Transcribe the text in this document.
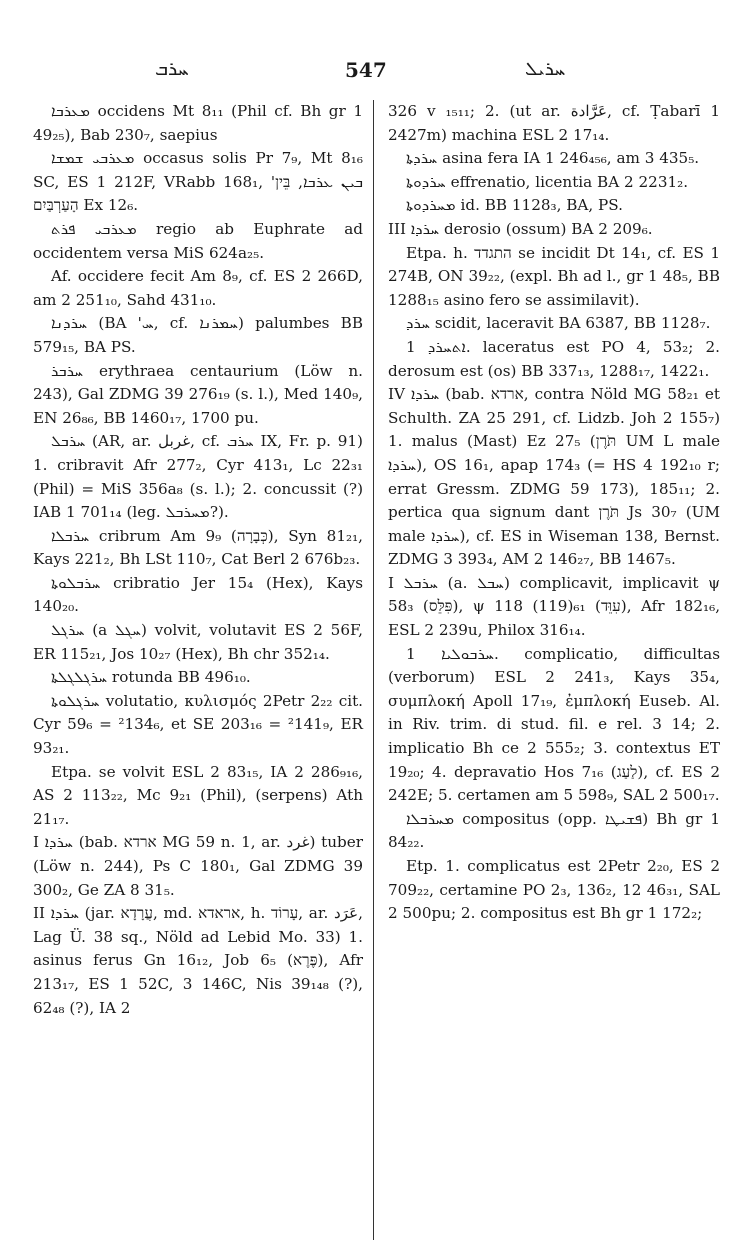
ܚܪܒ	547	ܚܪܝܠ

ܡܥܪܒܐ occidens Mt 8₁₁ (Phil cf. Bh gr 1 49₂₅), Bab 230₇, saepius

ܡܥܪܒܝ ܫܡܫܐ occasus solis Pr 7₉, Mt 8₁₆ SC, ES 1 212F, VRabb 168₁, 'ܒܝܢ ܥܪܒܐ, בֵּין הָעַרְבַּיִם Ex 12₆.

ܡܥܪܒܝ ܦܪܬ regio ab Euphrate ad occidentem versa MiS 624a₂₅.

Af. occidere fecit Am 8₉, cf. ES 2 266D, am 2 251₁₀, Sahd 431₁₀.

ܚܪܕܢܐ (BA 'ܚ, cf. ܚܡܪܢܐ) palumbes BB 579₁₅, BA PS.

ܚܪܒܪ erythraea centaurium (Löw n. 243), Gal ZDMG 39 276₁₉ (s. l.), Med 140₉, EN 26₈₆, BB 1460₁₇, 1700 pu.

ܚܪܒܠ (AR, ar. غربل, cf. ܚܪܒ IX, Fr. p. 91) 1. cribravit Afr 277₂, Cyr 413₁, Lc 22₃₁ (Phil) = MiS 356a₈ (s. l.); 2. concussit (?) IAB 1 701₁₄ (leg. ܡܚܪܒܠ?).

ܚܪܒܠܐ cribrum Am 9₉ (כְּבָרָה), Syn 81₂₁, Kays 221₂, Bh LSt 110₇, Cat Berl 2 676b₂₃.

ܚܪܒܠܘܬܐ cribratio Jer 15₄ (Hex), Kays 140₂₀.

ܚܪܓܠ (a ܚܓܠ) volvit, volutavit ES 2 56F, ER 115₂₁, Jos 10₂₇ (Hex), Bh chr 352₁₄.

ܚܪܓܠܓܠܬܐ rotunda BB 496₁₀.

ܚܪܓܠܘܬܐ volutatio, κυλισμός 2Petr 2₂₂ cit. Cyr 59₆ = ²134₆, et SE 203₁₆ = ²141₉, ER 93₂₁.

Etpa. se volvit ESL 2 83₁₅, IA 2 286₉₁₆, AS 2 113₂₂, Mc 9₂₁ (Phil), (serpens) Ath 21₁₇.

I ܚܪܕܐ (bab. ארדא MG 59 n. 1, ar. غرد) tuber (Löw n. 244), Ps C 180₁, Gal ZDMG 39 300₂, Ge ZA 8 31₅.

II ܚܪܕܐ (jar. עֲרָדָא, md. אראדא, h. עָרוֹד, ar. عَرَد, Lag Ü. 38 sq., Nöld ad Lebid Mo. 33) 1. asinus ferus Gn 16₁₂, Job 6₅ (פֶּרֶא), Afr 213₁₇, ES 1 52C, 3 146C, Nis 39₁₄₈ (?), 62₄₈ (?), IA 2

326 v ₁₅₁₁; 2. (ut ar. عَرَّادة, cf. Ṭabarī 1 2427m) machina ESL 2 17₁₄.

ܚܪܕܬܐ asina fera IA 1 246₄₅₆, am 3 435₅.

ܚܪܕܘܬܐ effrenatio, licentia BA 2 2231₂.

ܡܚܪܕܘܬܐ id. BB 1128₃, BA, PS.

III ܚܪܕܐ derosio (ossum) BA 2 209₆.

Etpa. h. התגדד se incidit Dt 14₁, cf. ES 1 274B, ON 39₂₂, (expl. Bh ad l., gr 1 48₅, BB 1288₁₅ asino fero se assimilavit).

ܚܪܕ scidit, laceravit BA 6387, BB 1128₇.

ܐܬܚܪܕ 1. laceratus est PO 4, 53₂; 2. derosum est (os) BB 337₁₃, 1288₁₇, 1422₁.

IV ܚܪܕܐ (bab. ארדא, contra Nöld MG 58₂₁ et Schulth. ZA 25 291, cf. Lidzb. Joh 2 155₇) 1. malus (Mast) Ez 27₅ (תֹּרֶן UM L male ܚܪܕܐ), OS 16₁, apap 174₃ (= HS 4 192₁₀ r; errat Gressm. ZDMG 59 173), 185₁₁; 2. pertica qua signum dant תֹּרֶן Js 30₇ (UM male ܚܪܕܐ), cf. ES in Wiseman 138, Bernst. ZDMG 3 393₄, AM 2 146₂₇, BB 1467₅.

I ܚܪܒܠ (a. ܚܒܠ) complicavit, implicavit ψ 58₃ (פִּלֵּס), ψ 118 (119)₆₁ (עִוֵּד), Afr 182₁₆, ESL 2 239u, Philox 316₁₄.

ܚܪܒܘܠܝܐ 1. complicatio, difficultas (verborum) ESL 2 241₃, Kays 35₄, συμπλοκή Apoll 17₁₉, ἐμπλοκή Euseb. Al. in Riv. trim. di stud. fil. e rel. 3 14; 2. implicatio Bh ce 2 555₂; 3. contextus ET 19₂₀; 4. depravatio Hos 7₁₆ (לַעַג), cf. ES 2 242E; 5. certamen am 5 598₉, SAL 2 500₁₇.

ܡܚܪܒܠܐ compositus (opp. ܦܫܝܛܐ) Bh gr 1 84₂₂.

Etp. 1. complicatus est 2Petr 2₂₀, ES 2 709₂₂, certamine PO 2₃, 136₂, 12 46₃₁, SAL 2 500pu; 2. compositus est Bh gr 1 172₂;
